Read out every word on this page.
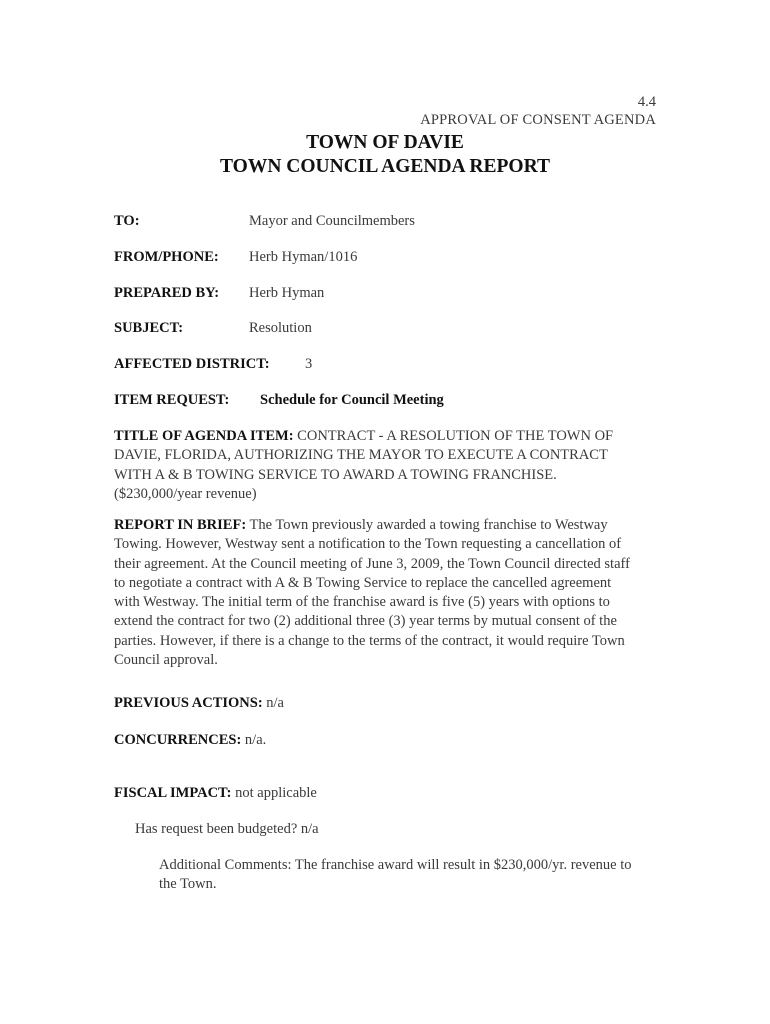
4.4

APPROVAL OF CONSENT AGENDA

TOWN OF DAVIE

TOWN COUNCIL AGENDA REPORT

TO:	Mayor and Councilmembers

FROM/PHONE: Herb Hyman/1016

PREPARED BY: Herb Hyman

SUBJECT:	Resolution

AFFECTED DISTRICT: 3

ITEM REQUEST: Schedule for Council Meeting

TITLE OF AGENDA ITEM: CONTRACT - A RESOLUTION OF THE TOWN OF
DAVIE, FLORIDA, AUTHORIZING THE MAYOR TO EXECUTE A CONTRACT
WITH A & B TOWING SERVICE TO AWARD A TOWING FRANCHISE.
($230,000/year revenue)
REPORT IN BRIEF: The Town previously awarded a towing franchise to Westway
Towing. However, Westway sent a notification to the Town requesting a cancellation of
their agreement. At the Council meeting of June 3, 2009, the Town Council directed staff
to negotiate a contract with A & B Towing Service to replace the cancelled agreement
with Westway. The initial term of the franchise award is five (5) years with options to
extend the contract for two (2) additional three (3) year terms by mutual consent of the
parties. However, if there is a change to the terms of the contract, it would require Town
Council approval.

PREVIOUS ACTIONS: n/a

CONCURRENCES: n/a.

FISCAL IMPACT: not applicable

Has request been budgeted? n/a

Additional Comments: The franchise award will result in $230,000/yr. revenue to

the Town.
